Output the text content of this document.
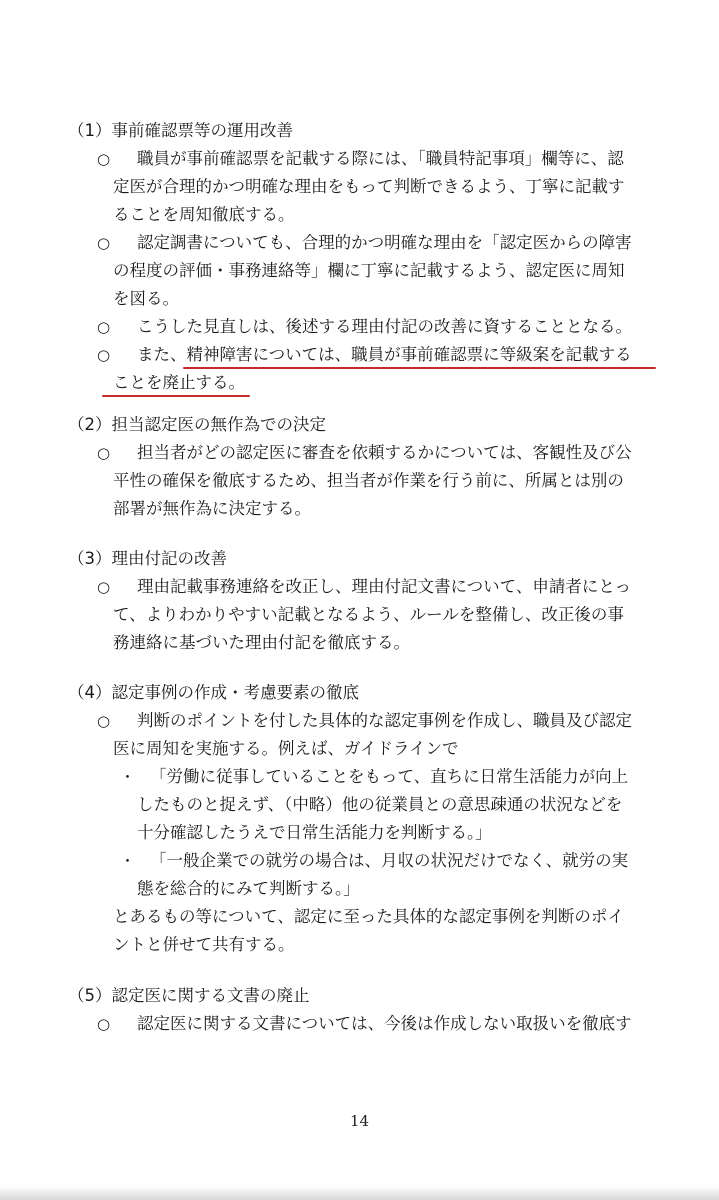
（1）事前確認票等の運用改善
○ 職員が事前確認票を記載する際には、「職員特記事項」欄等に、認
定医が合理的かつ明確な理由をもって判断できるよう、丁寧に記載す
ることを周知徹底する。
○ 認定調書についても、合理的かつ明確な理由を「認定医からの障害
の程度の評価・事務連絡等」欄に丁寧に記載するよう、認定医に周知
を図る。
○ こうした見直しは、後述する理由付記の改善に資することとなる。
○ また、精神障害については、職員が事前確認票に等級案を記載する
ことを廃止する。
（2）担当認定医の無作為での決定
○ 担当者がどの認定医に審査を依頼するかについては、客観性及び公
平性の確保を徹底するため、担当者が作業を行う前に、所属とは別の
部署が無作為に決定する。
（3）理由付記の改善
○ 理由記載事務連絡を改正し、理由付記文書について、申請者にとっ
て、よりわかりやすい記載となるよう、ルールを整備し、改正後の事
務連絡に基づいた理由付記を徹底する。
（4）認定事例の作成・考慮要素の徹底
○ 判断のポイントを付した具体的な認定事例を作成し、職員及び認定
医に周知を実施する。例えば、ガイドラインで
・ 「労働に従事していることをもって、直ちに日常生活能力が向上
したものと捉えず、（中略）他の従業員との意思疎通の状況などを
十分確認したうえで日常生活能力を判断する。」
・ 「一般企業での就労の場合は、月収の状況だけでなく、就労の実
態を総合的にみて判断する。」
とあるもの等について、認定に至った具体的な認定事例を判断のポイ
ントと併せて共有する。
（5）認定医に関する文書の廃止
○ 認定医に関する文書については、今後は作成しない取扱いを徹底す
14
